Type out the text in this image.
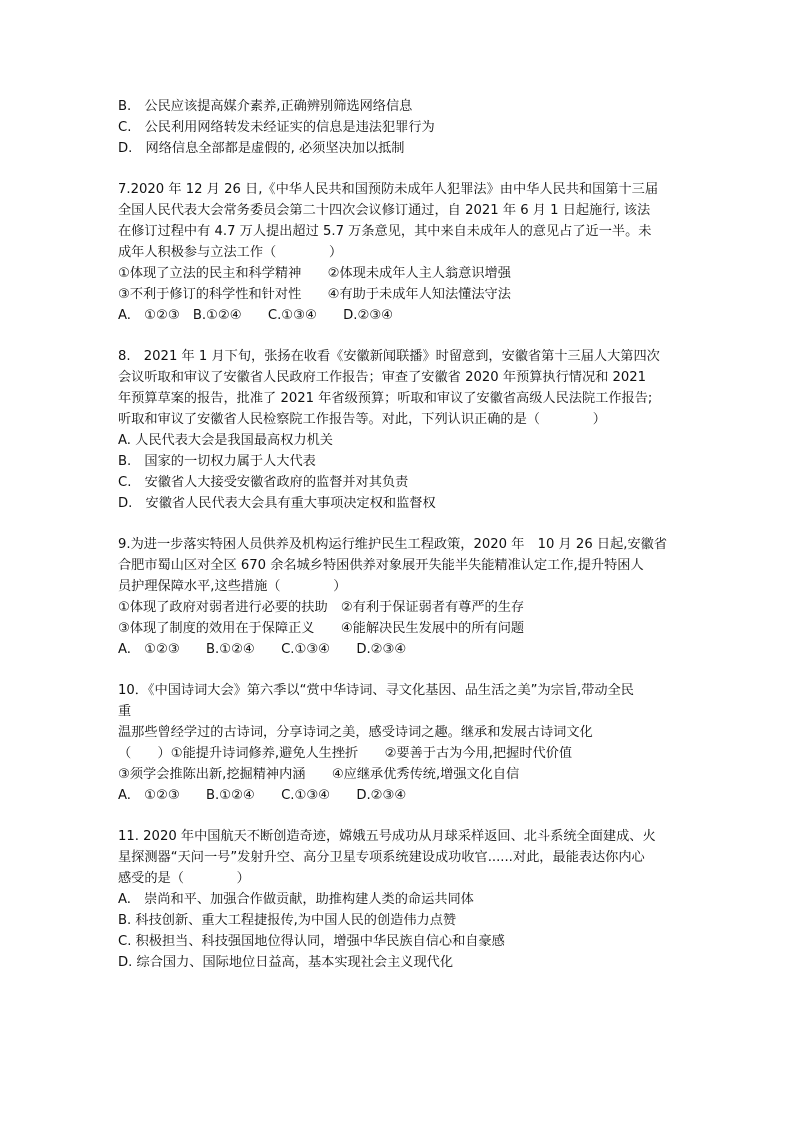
B.　公民应该提高媒介素养,正确辨别筛选网络信息
C.　公民利用网络转发未经证实的信息是违法犯罪行为
D.　网络信息全部都是虚假的, 必须坚决加以抵制
7.2020 年 12 月 26 日,《中华人民共和国预防未成年人犯罪法》由中华人民共和国第十三届
全国人民代表大会常务委员会第二十四次会议修订通过，自 2021 年 6 月 1 日起施行, 该法
在修订过程中有 4.7 万人提出超过 5.7 万条意见，其中来自未成年人的意见占了近一半。未
成年人积极参与立法工作（　　　　）
①体现了立法的民主和科学精神　　②体现未成年人主人翁意识增强
③不利于修订的科学性和针对性　　④有助于未成年人知法懂法守法
A.　①②③　B.①②④　　C.①③④　　D.②③④
8.　2021 年 1 月下旬，张扬在收看《安徽新闻联播》时留意到，安徽省第十三届人大第四次
会议听取和审议了安徽省人民政府工作报告；审查了安徽省 2020 年预算执行情况和 2021
年预算草案的报告，批准了 2021 年省级预算；听取和审议了安徽省高级人民法院工作报告;
听取和审议了安徽省人民检察院工作报告等。对此，下列认识正确的是（　　　　）
A. 人民代表大会是我国最高权力机关
B.　国家的一切权力属于人大代表
C.　安徽省人大接受安徽省政府的监督并对其负责
D.　安徽省人民代表大会具有重大事项决定权和监督权
9.为进一步落实特困人员供养及机构运行维护民生工程政策，2020 年　10 月 26 日起,安徽省
合肥市蜀山区对全区 670 余名城乡特困供养对象展开失能半失能精准认定工作,提升特困人
员护理保障水平,这些措施（　　　　）
①体现了政府对弱者进行必要的扶助　②有利于保证弱者有尊严的生存
③体现了制度的效用在于保障正义　　④能解决民生发展中的所有问题
A.　①②③　　B.①②④　　C.①③④　　D.②③④
10．《中国诗词大会》第六季以“赏中华诗词、寻文化基因、品生活之美”为宗旨,带动全民
重
温那些曾经学过的古诗词，分享诗词之美，感受诗词之趣。继承和发展古诗词文化
（　　）①能提升诗词修养,避免人生挫折　　②要善于古为今用,把握时代价值
③须学会推陈出新,挖掘精神内涵　　④应继承优秀传统,增强文化自信
A.　①②③　　B.①②④　　C.①③④　　D.②③④
11. 2020 年中国航天不断创造奇迹，嫦娥五号成功从月球采样返回、北斗系统全面建成、火
星探测器“天问一号”发射升空、高分卫星专项系统建设成功收官......对此，最能表达你内心
感受的是（　　　　）
A.　崇尚和平、加强合作做贡献，助推构建人类的命运共同体
B. 科技创新、重大工程捷报传,为中国人民的创造伟力点赞
C. 积极担当、科技强国地位得认同，增强中华民族自信心和自豪感
D. 综合国力、国际地位日益高，基本实现社会主义现代化
